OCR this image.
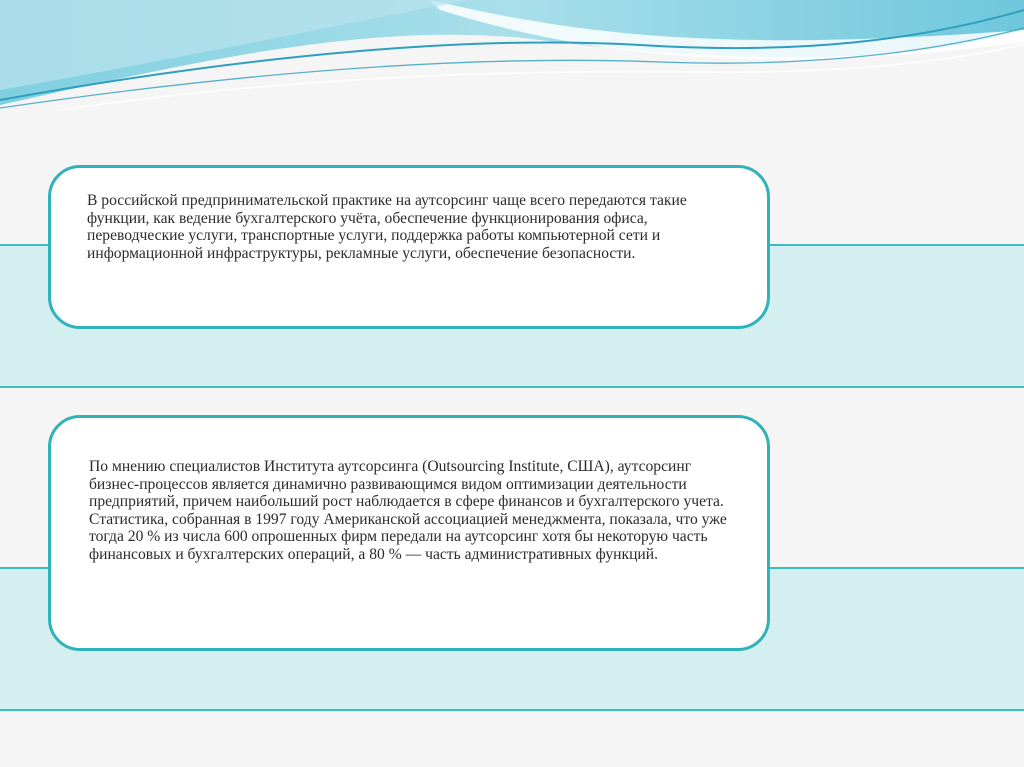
В российской предпринимательской практике на аутсорсинг чаще всего передаются такие функции, как ведение бухгалтерского учёта, обеспечение функционирования офиса, переводческие услуги, транспортные услуги, поддержка работы компьютерной сети и информационной инфраструктуры, рекламные услуги, обеспечение безопасности.

По мнению специалистов Института аутсорсинга (Outsourcing Institute, США), аутсорсинг бизнес-процессов является динамично развивающимся видом оптимизации деятельности предприятий, причем наибольший рост наблюдается в сфере финансов и бухгалтерского учета. Статистика, собранная в 1997 году Американской ассоциацией менеджмента, показала, что уже тогда 20 % из числа 600 опрошенных фирм передали на аутсорсинг хотя бы некоторую часть финансовых и бухгалтерских операций, а 80 % — часть административных функций.
